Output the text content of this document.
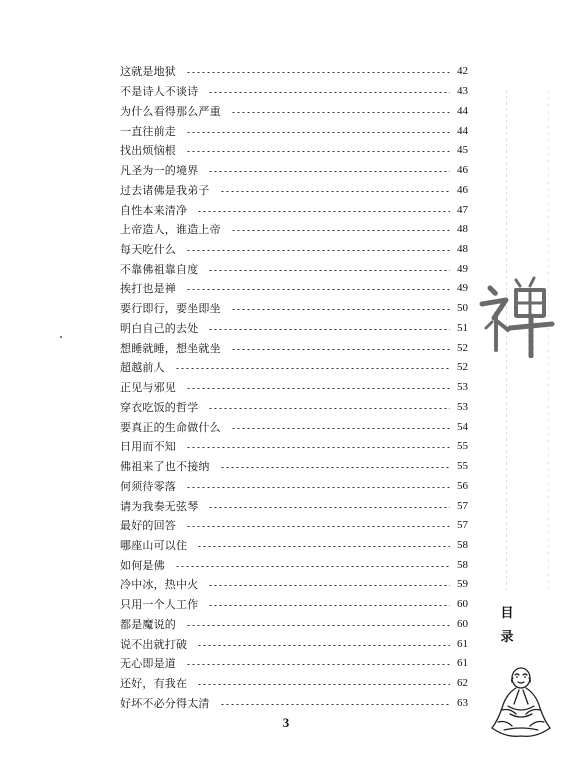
这就是地狱	42
不是诗人不谈诗	43
为什么看得那么严重	44
一直往前走	44
找出烦恼根	45
凡圣为一的境界	46
过去诸佛是我弟子	46
自性本来清净	47
上帝造人，谁造上帝	48
每天吃什么	48
不靠佛祖靠自度	49
挨打也是禅	49
要行即行，要坐即坐	50
明白自己的去处	51
想睡就睡，想坐就坐	52
超越前人	52
正见与邪见	53
穿衣吃饭的哲学	53
要真正的生命做什么	54
日用而不知	55
佛祖来了也不接纳	55
何须待零落	56
请为我奏无弦琴	57
最好的回答	57
哪座山可以住	58
如何是佛	58
冷中冰，热中火	59
只用一个人工作	60
都是魔说的	60
说不出就打破	61
无心即是道	61
还好，有我在	62
好坏不必分得太清	63
目
录
3
